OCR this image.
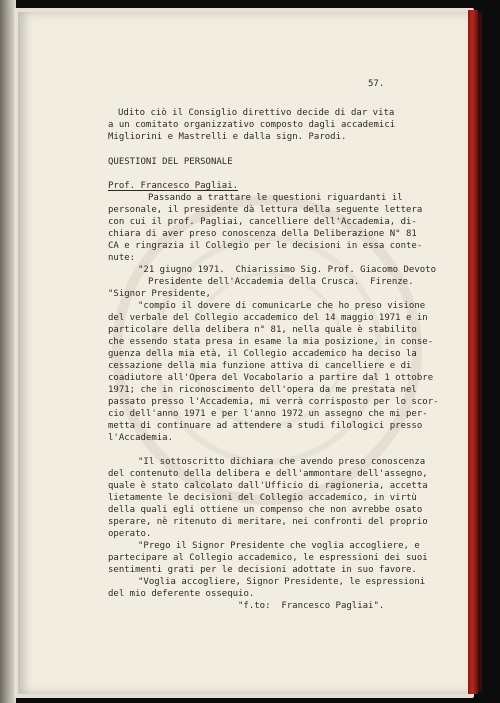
57.

Udito ciò il Consiglio direttivo decide di dar vita

a un comitato organizzativo composto dagli accademici

Migliorini e Mastrelli e dalla sign. Parodi.

QUESTIONI DEL PERSONALE

Prof. Francesco Pagliai.

Passando a trattare le questioni riguardanti il

personale, il presidente dà lettura della seguente lettera

con cui il prof. Pagliai, cancelliere dell'Accademia, di-

chiara di aver preso conoscenza della Deliberazione N° 81

CA e ringrazia il Collegio per le decisioni in essa conte-

nute:

"21 giugno 1971.  Chiarissimo Sig. Prof. Giacomo Devoto

Presidente dell'Accademia della Crusca.  Firenze.

"Signor Presidente,

"compio il dovere di comunicarLe che ho preso visione

del verbale del Collegio accademico del 14 maggio 1971 e in

particolare della delibera n° 81, nella quale è stabilito

che essendo stata presa in esame la mia posizione, in conse-

guenza della mia età, il Collegio accademico ha deciso la

cessazione della mia funzione attiva di cancelliere e di

coadiutore all'Opera del Vocabolario a partire dal 1 ottobre

1971; che in riconoscimento dell'opera da me prestata nel

passato presso l'Accademia, mi verrà corrisposto per lo scor-

cio dell'anno 1971 e per l'anno 1972 un assegno che mi per-

metta di continuare ad attendere a studi filologici presso

l'Accademia.

"Il sottoscritto dichiara che avendo preso conoscenza

del contenuto della delibera e dell'ammontare dell'assegno,

quale è stato calcolato dall'Ufficio di ragioneria, accetta

lietamente le decisioni del Collegio accademico, in virtù

della quali egli ottiene un compenso che non avrebbe osato

sperare, nè ritenuto di meritare, nei confronti del proprio

operato.

"Prego il Signor Presidente che voglia accogliere, e

partecipare al Collegio accademico, le espressioni dei suoi

sentimenti grati per le decisioni adottate in suo favore.

"Voglia accogliere, Signor Presidente, le espressioni

del mio deferente ossequio.

"f.to:  Francesco Pagliai".
